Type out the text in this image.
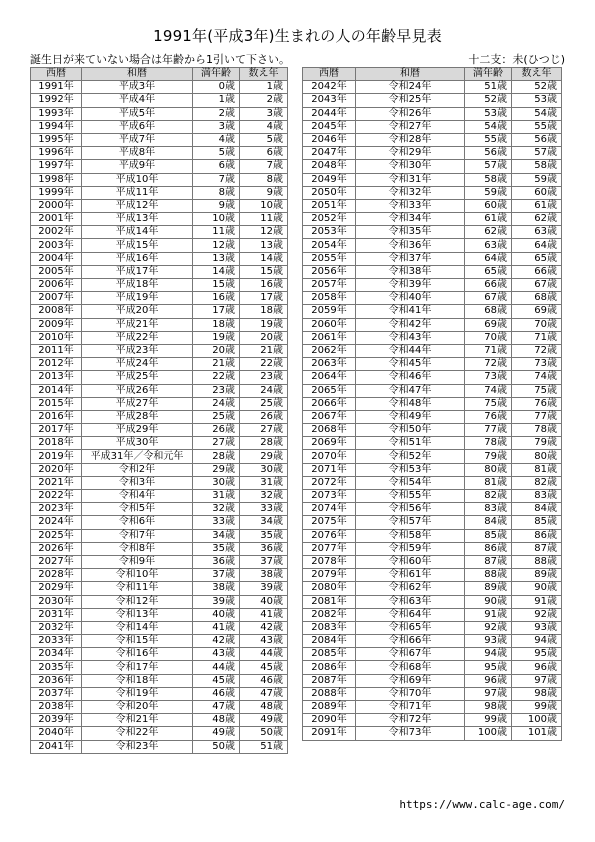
1991年(平成3年)生まれの人の年齢早見表
誕生日が来ていない場合は年齢から1引いて下さい。	十二支：未(ひつじ)
西暦	和暦	満年齢	数え年
1991年	平成3年	0歳	1歳
1992年	平成4年	1歳	2歳
1993年	平成5年	2歳	3歳
1994年	平成6年	3歳	4歳
1995年	平成7年	4歳	5歳
1996年	平成8年	5歳	6歳
1997年	平成9年	6歳	7歳
1998年	平成10年	7歳	8歳
1999年	平成11年	8歳	9歳
2000年	平成12年	9歳	10歳
2001年	平成13年	10歳	11歳
2002年	平成14年	11歳	12歳
2003年	平成15年	12歳	13歳
2004年	平成16年	13歳	14歳
2005年	平成17年	14歳	15歳
2006年	平成18年	15歳	16歳
2007年	平成19年	16歳	17歳
2008年	平成20年	17歳	18歳
2009年	平成21年	18歳	19歳
2010年	平成22年	19歳	20歳
2011年	平成23年	20歳	21歳
2012年	平成24年	21歳	22歳
2013年	平成25年	22歳	23歳
2014年	平成26年	23歳	24歳
2015年	平成27年	24歳	25歳
2016年	平成28年	25歳	26歳
2017年	平成29年	26歳	27歳
2018年	平成30年	27歳	28歳
2019年	平成31年／令和元年	28歳	29歳
2020年	令和2年	29歳	30歳
2021年	令和3年	30歳	31歳
2022年	令和4年	31歳	32歳
2023年	令和5年	32歳	33歳
2024年	令和6年	33歳	34歳
2025年	令和7年	34歳	35歳
2026年	令和8年	35歳	36歳
2027年	令和9年	36歳	37歳
2028年	令和10年	37歳	38歳
2029年	令和11年	38歳	39歳
2030年	令和12年	39歳	40歳
2031年	令和13年	40歳	41歳
2032年	令和14年	41歳	42歳
2033年	令和15年	42歳	43歳
2034年	令和16年	43歳	44歳
2035年	令和17年	44歳	45歳
2036年	令和18年	45歳	46歳
2037年	令和19年	46歳	47歳
2038年	令和20年	47歳	48歳
2039年	令和21年	48歳	49歳
2040年	令和22年	49歳	50歳
2041年	令和23年	50歳	51歳
西暦	和暦	満年齢	数え年
2042年	令和24年	51歳	52歳
2043年	令和25年	52歳	53歳
2044年	令和26年	53歳	54歳
2045年	令和27年	54歳	55歳
2046年	令和28年	55歳	56歳
2047年	令和29年	56歳	57歳
2048年	令和30年	57歳	58歳
2049年	令和31年	58歳	59歳
2050年	令和32年	59歳	60歳
2051年	令和33年	60歳	61歳
2052年	令和34年	61歳	62歳
2053年	令和35年	62歳	63歳
2054年	令和36年	63歳	64歳
2055年	令和37年	64歳	65歳
2056年	令和38年	65歳	66歳
2057年	令和39年	66歳	67歳
2058年	令和40年	67歳	68歳
2059年	令和41年	68歳	69歳
2060年	令和42年	69歳	70歳
2061年	令和43年	70歳	71歳
2062年	令和44年	71歳	72歳
2063年	令和45年	72歳	73歳
2064年	令和46年	73歳	74歳
2065年	令和47年	74歳	75歳
2066年	令和48年	75歳	76歳
2067年	令和49年	76歳	77歳
2068年	令和50年	77歳	78歳
2069年	令和51年	78歳	79歳
2070年	令和52年	79歳	80歳
2071年	令和53年	80歳	81歳
2072年	令和54年	81歳	82歳
2073年	令和55年	82歳	83歳
2074年	令和56年	83歳	84歳
2075年	令和57年	84歳	85歳
2076年	令和58年	85歳	86歳
2077年	令和59年	86歳	87歳
2078年	令和60年	87歳	88歳
2079年	令和61年	88歳	89歳
2080年	令和62年	89歳	90歳
2081年	令和63年	90歳	91歳
2082年	令和64年	91歳	92歳
2083年	令和65年	92歳	93歳
2084年	令和66年	93歳	94歳
2085年	令和67年	94歳	95歳
2086年	令和68年	95歳	96歳
2087年	令和69年	96歳	97歳
2088年	令和70年	97歳	98歳
2089年	令和71年	98歳	99歳
2090年	令和72年	99歳	100歳
2091年	令和73年	100歳	101歳
https://www.calc-age.com/
